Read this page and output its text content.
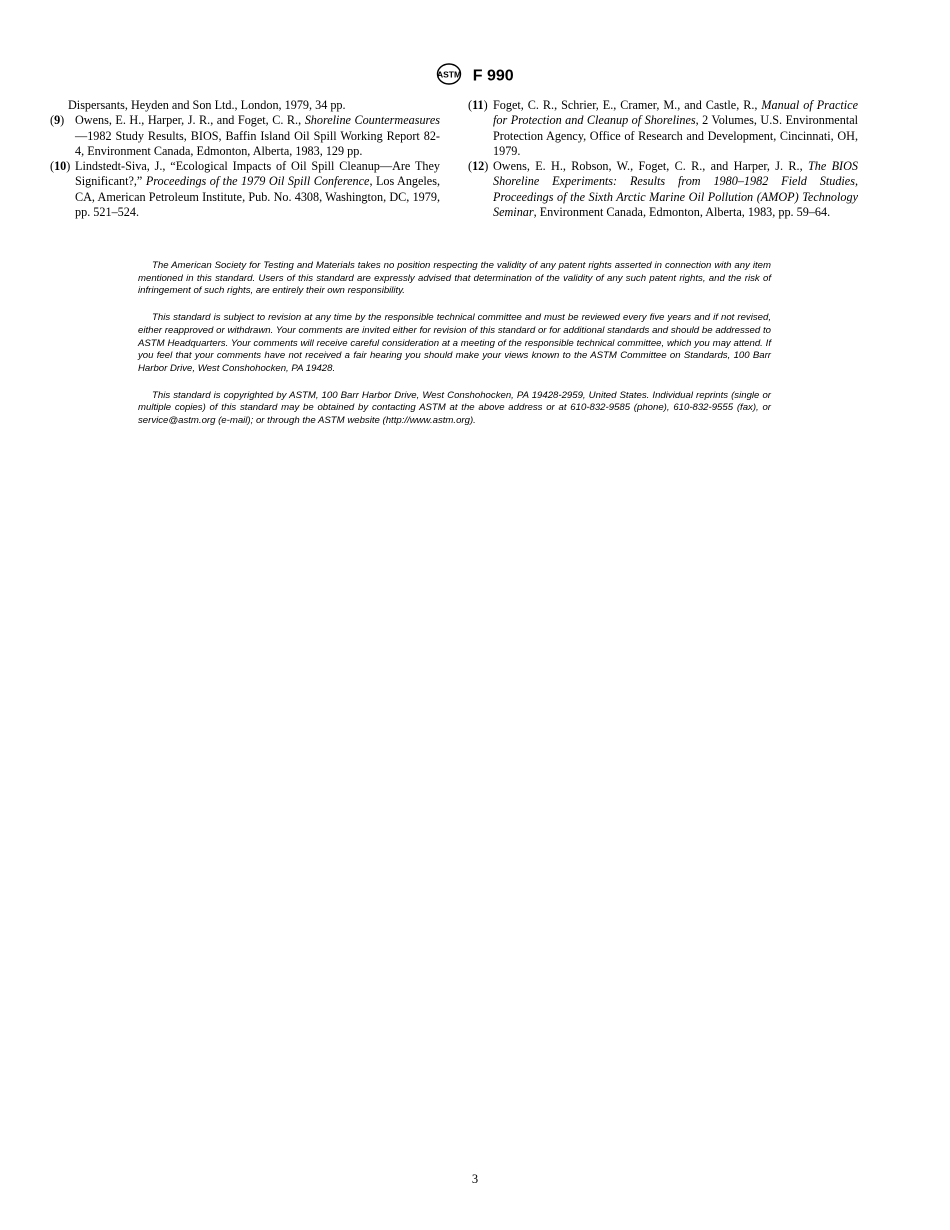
ASTM F 990

Dispersants, Heyden and Son Ltd., London, 1979, 34 pp.

(9) Owens, E. H., Harper, J. R., and Foget, C. R., Shoreline Countermeasures—1982 Study Results, BIOS, Baffin Island Oil Spill Working Report 82-4, Environment Canada, Edmonton, Alberta, 1983, 129 pp.

(10) Lindstedt-Siva, J., “Ecological Impacts of Oil Spill Cleanup—Are They Significant?,” Proceedings of the 1979 Oil Spill Conference, Los Angeles, CA, American Petroleum Institute, Pub. No. 4308, Washington, DC, 1979, pp. 521–524.

(11) Foget, C. R., Schrier, E., Cramer, M., and Castle, R., Manual of Practice for Protection and Cleanup of Shorelines, 2 Volumes, U.S. Environmental Protection Agency, Office of Research and Development, Cincinnati, OH, 1979.

(12) Owens, E. H., Robson, W., Foget, C. R., and Harper, J. R., The BIOS Shoreline Experiments: Results from 1980–1982 Field Studies, Proceedings of the Sixth Arctic Marine Oil Pollution (AMOP) Technology Seminar, Environment Canada, Edmonton, Alberta, 1983, pp. 59–64.

The American Society for Testing and Materials takes no position respecting the validity of any patent rights asserted in connection with any item mentioned in this standard. Users of this standard are expressly advised that determination of the validity of any such patent rights, and the risk of infringement of such rights, are entirely their own responsibility.

This standard is subject to revision at any time by the responsible technical committee and must be reviewed every five years and if not revised, either reapproved or withdrawn. Your comments are invited either for revision of this standard or for additional standards and should be addressed to ASTM Headquarters. Your comments will receive careful consideration at a meeting of the responsible technical committee, which you may attend. If you feel that your comments have not received a fair hearing you should make your views known to the ASTM Committee on Standards, 100 Barr Harbor Drive, West Conshohocken, PA 19428.

This standard is copyrighted by ASTM, 100 Barr Harbor Drive, West Conshohocken, PA 19428-2959, United States. Individual reprints (single or multiple copies) of this standard may be obtained by contacting ASTM at the above address or at 610-832-9585 (phone), 610-832-9555 (fax), or service@astm.org (e-mail); or through the ASTM website (http://www.astm.org).

3
